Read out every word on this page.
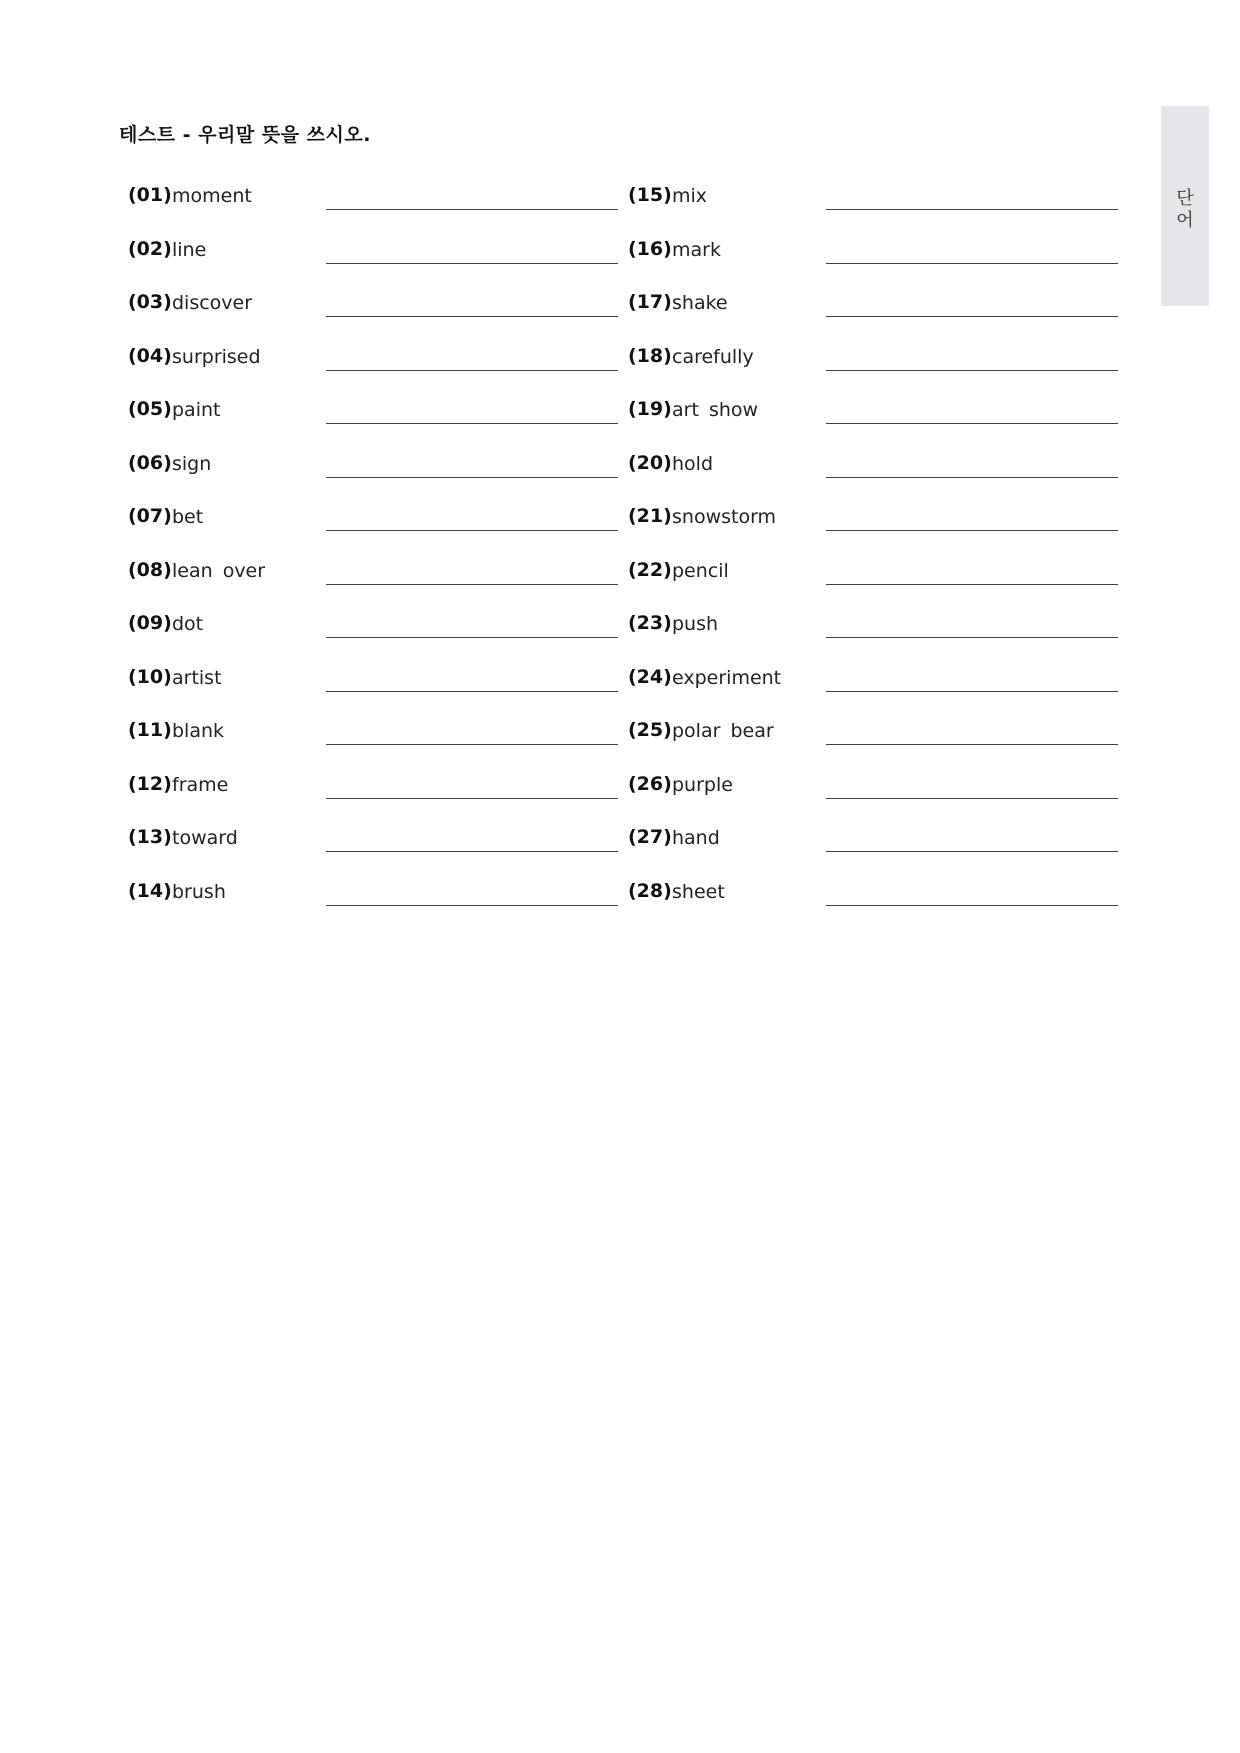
테스트 - 우리말 뜻을 쓰시오.
단어
(01) moment
(02) line
(03) discover
(04) surprised
(05) paint
(06) sign
(07) bet
(08) lean over
(09) dot
(10) artist
(11) blank
(12) frame
(13) toward
(14) brush
(15) mix
(16) mark
(17) shake
(18) carefully
(19) art show
(20) hold
(21) snowstorm
(22) pencil
(23) push
(24) experiment
(25) polar bear
(26) purple
(27) hand
(28) sheet
